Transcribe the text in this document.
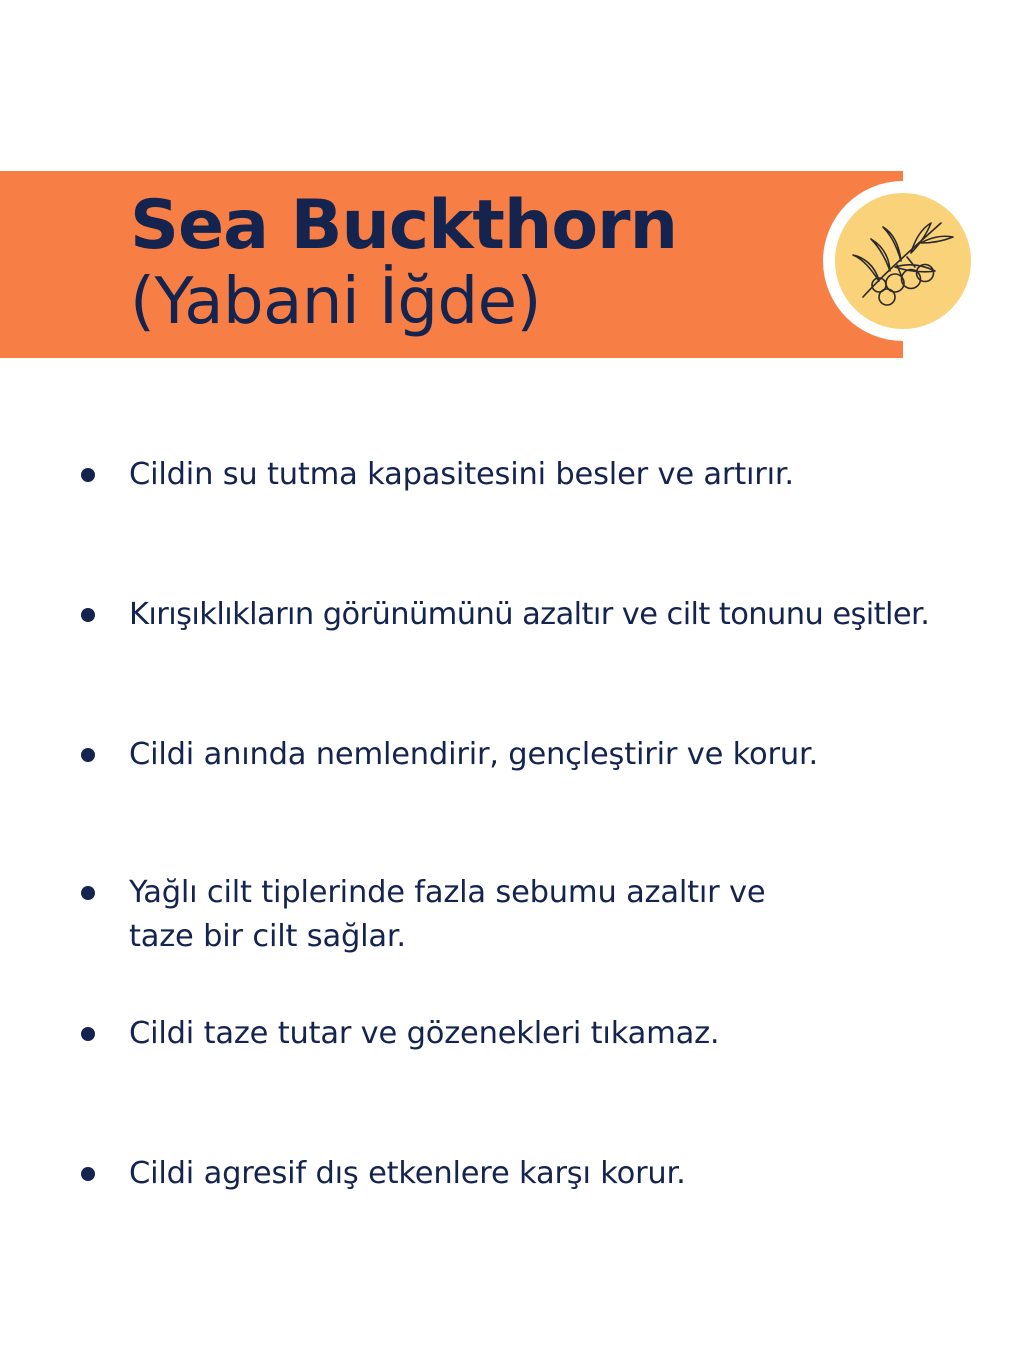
Sea Buckthorn
(Yabani İğde)

Cildin su tutma kapasitesini besler ve artırır.

Kırışıklıkların görünümünü azaltır ve cilt tonunu eşitler.

Cildi anında nemlendirir, gençleştirir ve korur.

Yağlı cilt tiplerinde fazla sebumu azaltır ve

taze bir cilt sağlar.

Cildi taze tutar ve gözenekleri tıkamaz.

Cildi agresif dış etkenlere karşı korur.
